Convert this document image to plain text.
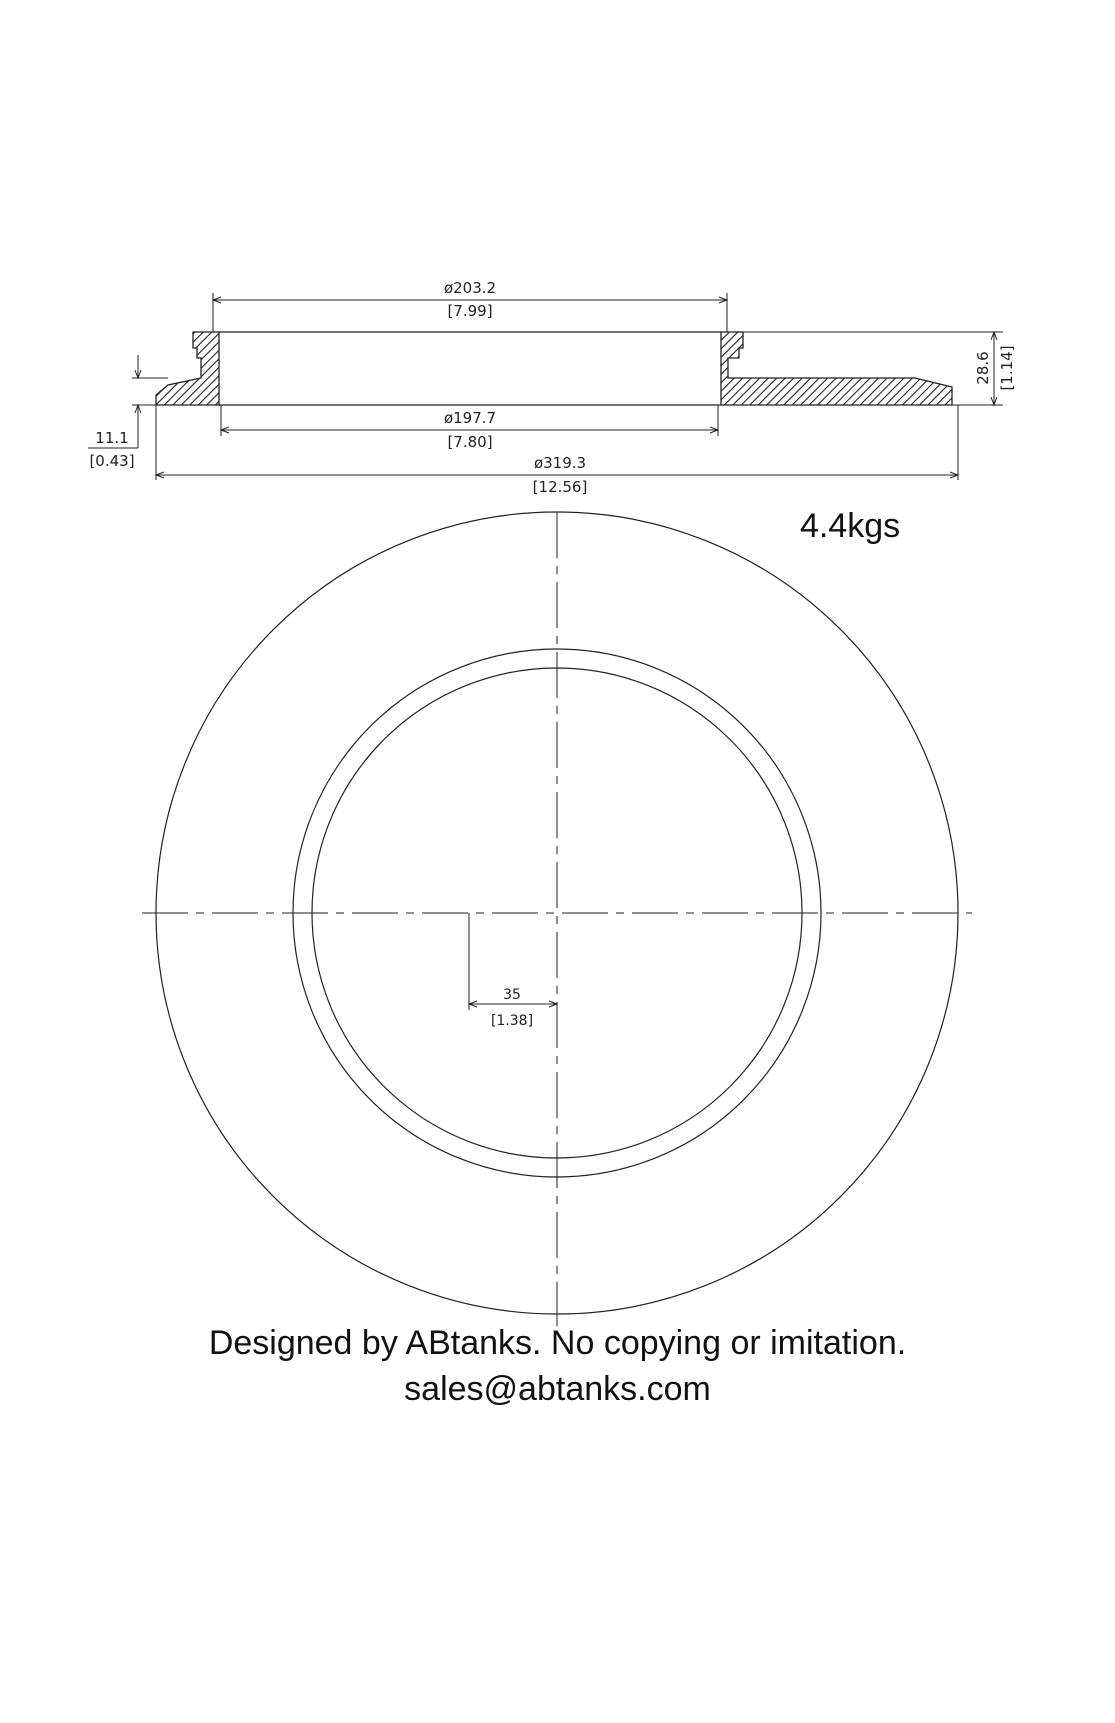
ø203.2
[7.99]
ø197.7
[7.80]
ø319.3
[12.56]
28.6 [1.14]
11.1
[0.43]
4.4kgs
35
[1.38]
Designed by ABtanks. No copying or imitation.
sales@abtanks.com
